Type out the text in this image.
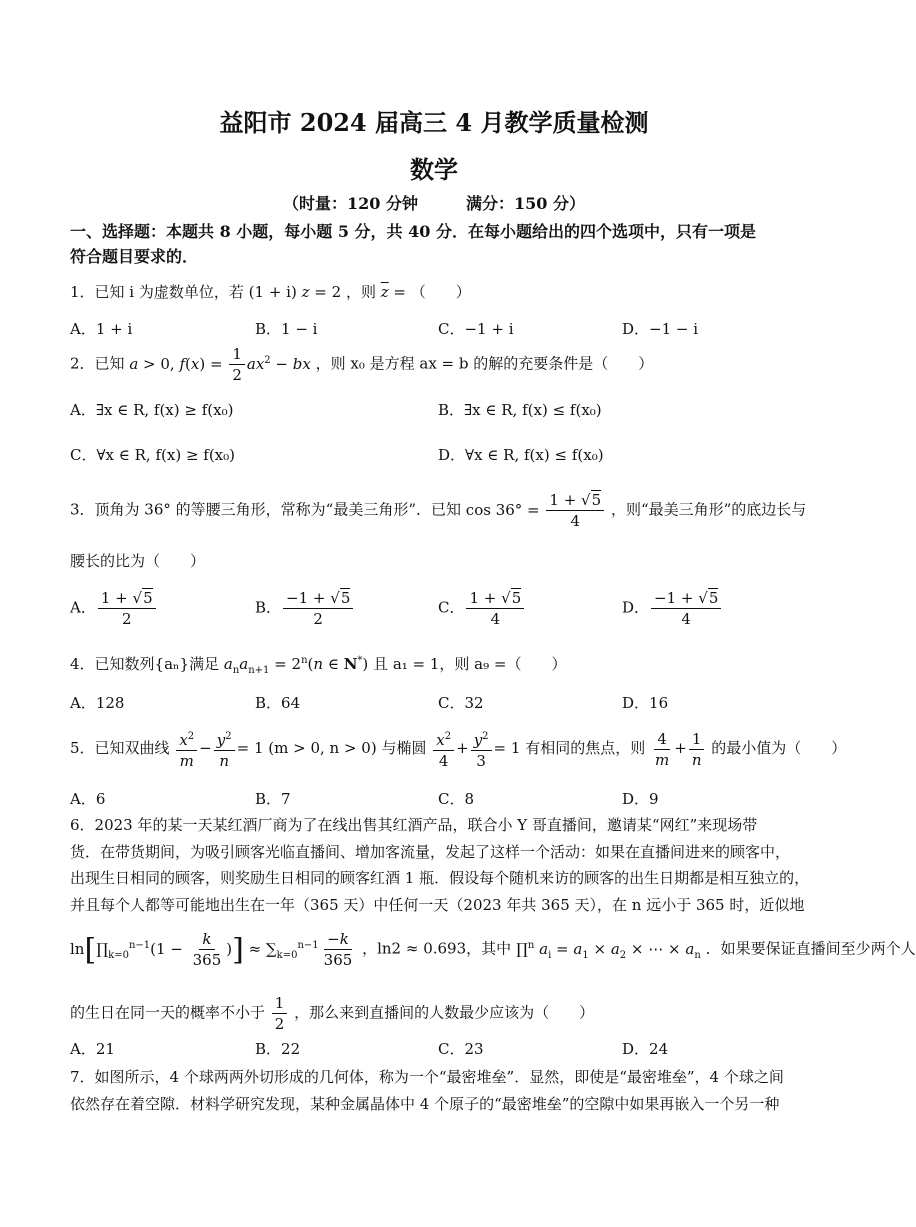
益阳市 2024 届高三 4 月教学质量检测
数学
（时量：120 分钟　　　满分：150 分）
一、选择题：本题共 8 小题，每小题 5 分，共 40 分．在每小题给出的四个选项中，只有一项是
符合题目要求的．
1．已知 i 为虚数单位，若 (1 + i) z = 2 ，则 $\overline{z}$ = （　　）
A．1 + i	B．1 − i	C．−1 + i	D．−1 − i
2．已知 a > 0, $f(x) = \frac{1}{2} ax^2$ − bx ，则 x₀ 是方程 ax = b 的解的充要条件是（　　）
A．∃x ∈ R, f(x) ≥ f(x₀)	B．∃x ∈ R, f(x) ≤ f(x₀)
C．∀x ∈ R, f(x) ≥ f(x₀)	D．∀x ∈ R, f(x) ≤ f(x₀)
3．顶角为 36° 的等腰三角形，常称为“最美三角形”．已知 $\cos 36^\circ = \frac{1 + √5}{4}$ ，则“最美三角形”的底边长与
腰长的比为（　　）
A． $\frac{1 + √5}{2}$	B． $\frac{-1 + √5}{2}$	C． $\frac{1 + √5}{4}$	D． $\frac{-1 + √5}{4}$
4．已知数列{aₙ}满足 $a_na_{n+1} = 2^n(n$ ∈ N*) 且 a₁ = 1，则 a₉ =（　　）
A．128	B．64	C．32	D．16
5．已知双曲线 $\frac{x^2}{m} - \frac{y^2}{n} = 1$ (m > 0, n > 0) 与椭圆 $\frac{x^2}{4} + \frac{y^2}{3} = 1$ 有相同的焦点，则 $\frac{4}{m} + \frac{1}{n}$ 的最小值为（　　）
A．6	B．7	C．8	D．9
6．2023 年的某一天某红酒厂商为了在线出售其红酒产品，联合小 Y 哥直播间，邀请某“网红”来现场带
货．在带货期间，为吸引顾客光临直播间、增加客流量，发起了这样一个活动：如果在直播间进来的顾客中，
出现生日相同的顾客，则奖励生日相同的顾客红酒 1 瓶．假设每个随机来访的顾客的出生日期都是相互独立的，
并且每个人都等可能地出生在一年（365 天）中任何一天（2023 年共 365 天），在 n 远小于 365 时，近似地
$\ln[\prod_{k=0}^{n-1}(1 - \frac{k}{365}$ )] ≈ $\sum_{k=0}^{n-1} \frac{-k}{365}$ ，ln2 ≈ 0.693，其中 ∏$^n$ $a_i = a_1 \times a_2$ × ⋯ × $a_n$ ．如果要保证直播间至少两个人
的生日在同一天的概率不小于 $\frac{1}{2}$ ，那么来到直播间的人数最少应该为（　　）
A．21	B．22	C．23	D．24
7．如图所示，4 个球两两外切形成的几何体，称为一个“最密堆垒”．显然，即使是“最密堆垒”，4 个球之间
依然存在着空隙．材料学研究发现，某种金属晶体中 4 个原子的“最密堆垒”的空隙中如果再嵌入一个另一种
